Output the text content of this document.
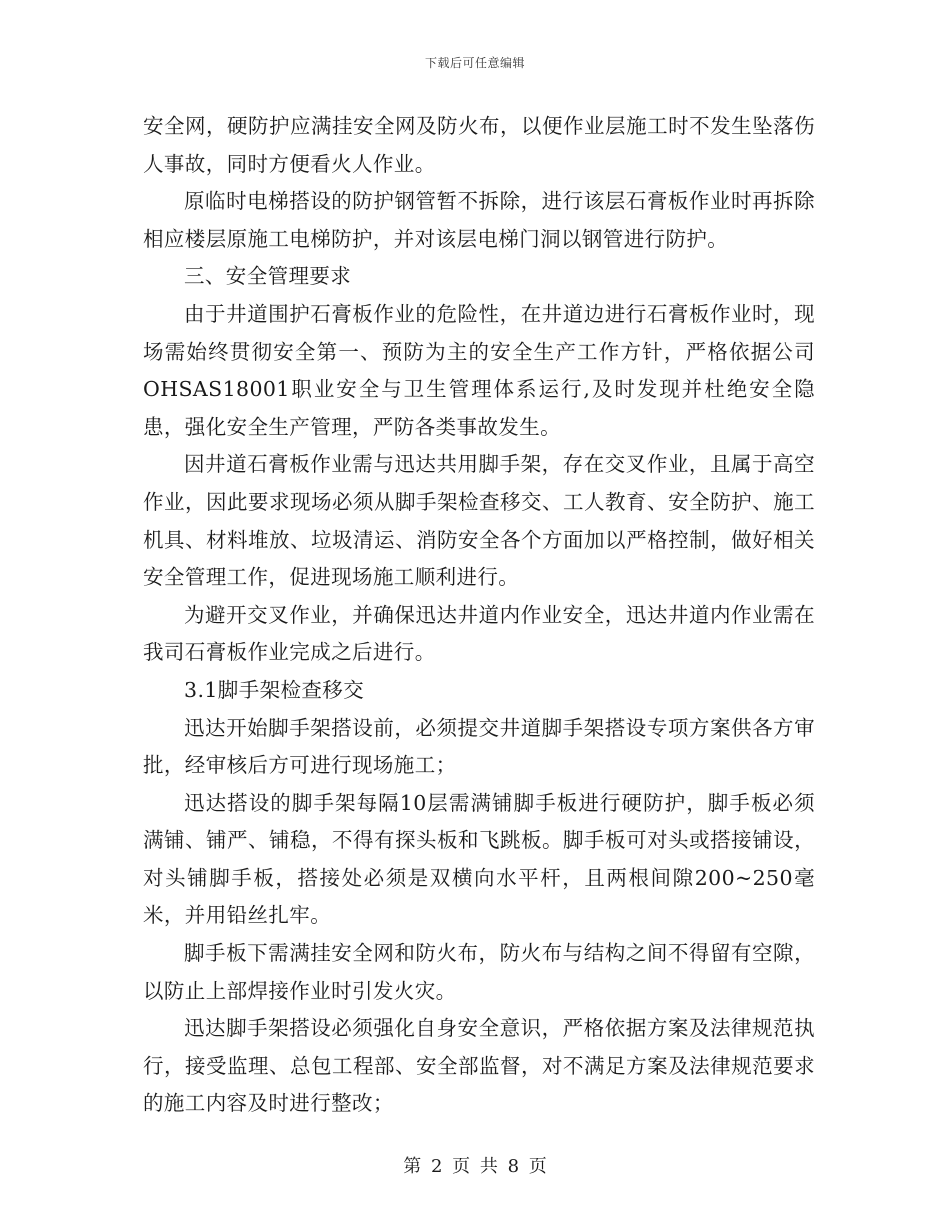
下载后可任意编辑

安全网，硬防护应满挂安全网及防火布，以便作业层施工时不发生坠落伤人事故，同时方便看火人作业。

原临时电梯搭设的防护钢管暂不拆除，进行该层石膏板作业时再拆除相应楼层原施工电梯防护，并对该层电梯门洞以钢管进行防护。

三、安全管理要求

由于井道围护石膏板作业的危险性，在井道边进行石膏板作业时，现场需始终贯彻安全第一、预防为主的安全生产工作方针，严格依据公司OHSAS18001职业安全与卫生管理体系运行,及时发现并杜绝安全隐患，强化安全生产管理，严防各类事故发生。

因井道石膏板作业需与迅达共用脚手架，存在交叉作业，且属于高空作业，因此要求现场必须从脚手架检查移交、工人教育、安全防护、施工机具、材料堆放、垃圾清运、消防安全各个方面加以严格控制，做好相关安全管理工作，促进现场施工顺利进行。

为避开交叉作业，并确保迅达井道内作业安全，迅达井道内作业需在我司石膏板作业完成之后进行。

3.1脚手架检查移交

迅达开始脚手架搭设前，必须提交井道脚手架搭设专项方案供各方审批，经审核后方可进行现场施工；

迅达搭设的脚手架每隔10层需满铺脚手板进行硬防护，脚手板必须满铺、铺严、铺稳，不得有探头板和飞跳板。脚手板可对头或搭接铺设，对头铺脚手板，搭接处必须是双横向水平杆，且两根间隙200~250毫米，并用铅丝扎牢。

脚手板下需满挂安全网和防火布，防火布与结构之间不得留有空隙，以防止上部焊接作业时引发火灾。

迅达脚手架搭设必须强化自身安全意识，严格依据方案及法律规范执行，接受监理、总包工程部、安全部监督，对不满足方案及法律规范要求的施工内容及时进行整改；

第 2 页 共 8 页
